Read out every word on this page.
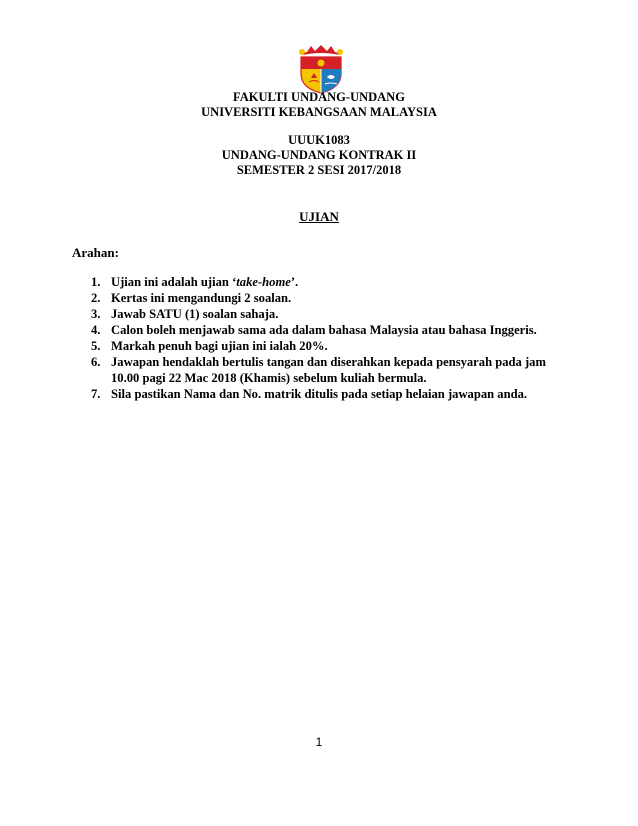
FAKULTI UNDANG-UNDANG
UNIVERSITI KEBANGSAAN MALAYSIA
UUUK1083
UNDANG-UNDANG KONTRAK II
SEMESTER 2 SESI 2017/2018
UJIAN
Arahan:
1. Ujian ini adalah ujian ‘take-home’.
2. Kertas ini mengandungi 2 soalan.
3. Jawab SATU (1) soalan sahaja.
4. Calon boleh menjawab sama ada dalam bahasa Malaysia atau bahasa Inggeris.
5. Markah penuh bagi ujian ini ialah 20%.
6. Jawapan hendaklah bertulis tangan dan diserahkan kepada pensyarah pada jam 10.00 pagi 22 Mac 2018 (Khamis) sebelum kuliah bermula.
7. Sila pastikan Nama dan No. matrik ditulis pada setiap helaian jawapan anda.
1
